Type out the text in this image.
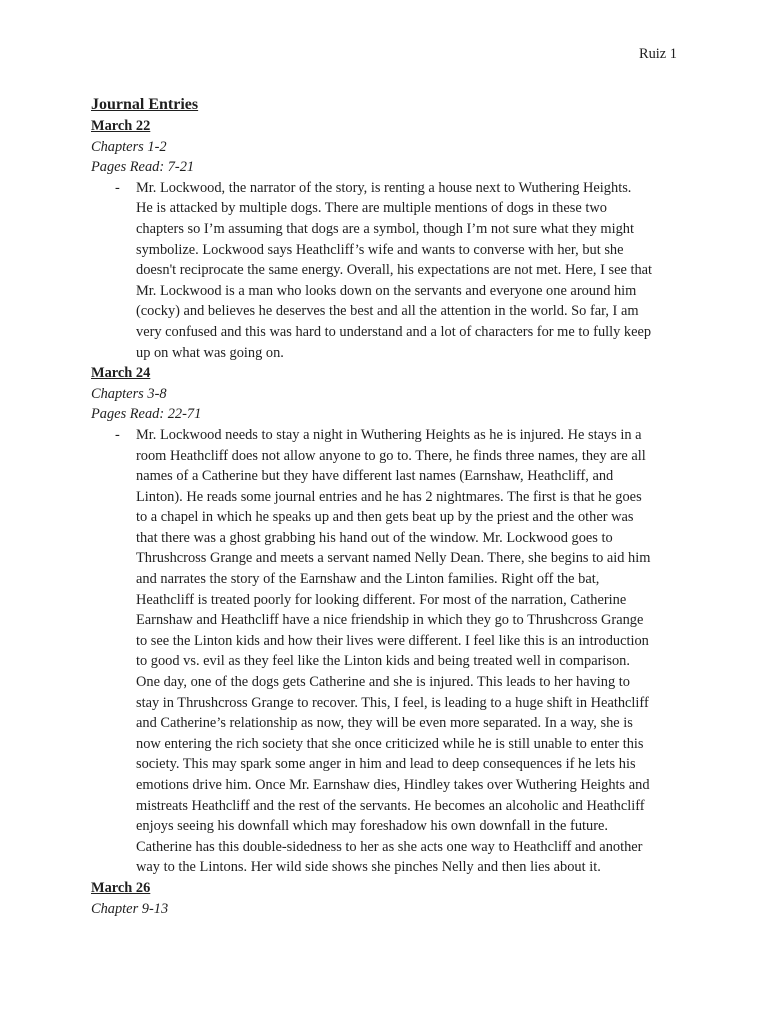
Ruiz 1
Journal Entries
March 22
Chapters 1-2
Pages Read: 7-21
- Mr. Lockwood, the narrator of the story, is renting a house next to Wuthering Heights.
He is attacked by multiple dogs. There are multiple mentions of dogs in these two
chapters so I’m assuming that dogs are a symbol, though I’m not sure what they might
symbolize. Lockwood says Heathcliff’s wife and wants to converse with her, but she
doesn't reciprocate the same energy. Overall, his expectations are not met. Here, I see that
Mr. Lockwood is a man who looks down on the servants and everyone one around him
(cocky) and believes he deserves the best and all the attention in the world. So far, I am
very confused and this was hard to understand and a lot of characters for me to fully keep
up on what was going on.
March 24
Chapters 3-8
Pages Read: 22-71
- Mr. Lockwood needs to stay a night in Wuthering Heights as he is injured. He stays in a
room Heathcliff does not allow anyone to go to. There, he finds three names, they are all
names of a Catherine but they have different last names (Earnshaw, Heathcliff, and
Linton). He reads some journal entries and he has 2 nightmares. The first is that he goes
to a chapel in which he speaks up and then gets beat up by the priest and the other was
that there was a ghost grabbing his hand out of the window. Mr. Lockwood goes to
Thrushcross Grange and meets a servant named Nelly Dean. There, she begins to aid him
and narrates the story of the Earnshaw and the Linton families. Right off the bat,
Heathcliff is treated poorly for looking different. For most of the narration, Catherine
Earnshaw and Heathcliff have a nice friendship in which they go to Thrushcross Grange
to see the Linton kids and how their lives were different. I feel like this is an introduction
to good vs. evil as they feel like the Linton kids and being treated well in comparison.
One day, one of the dogs gets Catherine and she is injured. This leads to her having to
stay in Thrushcross Grange to recover. This, I feel, is leading to a huge shift in Heathcliff
and Catherine’s relationship as now, they will be even more separated. In a way, she is
now entering the rich society that she once criticized while he is still unable to enter this
society. This may spark some anger in him and lead to deep consequences if he lets his
emotions drive him. Once Mr. Earnshaw dies, Hindley takes over Wuthering Heights and
mistreats Heathcliff and the rest of the servants. He becomes an alcoholic and Heathcliff
enjoys seeing his downfall which may foreshadow his own downfall in the future.
Catherine has this double-sidedness to her as she acts one way to Heathcliff and another
way to the Lintons. Her wild side shows she pinches Nelly and then lies about it.
March 26
Chapter 9-13
